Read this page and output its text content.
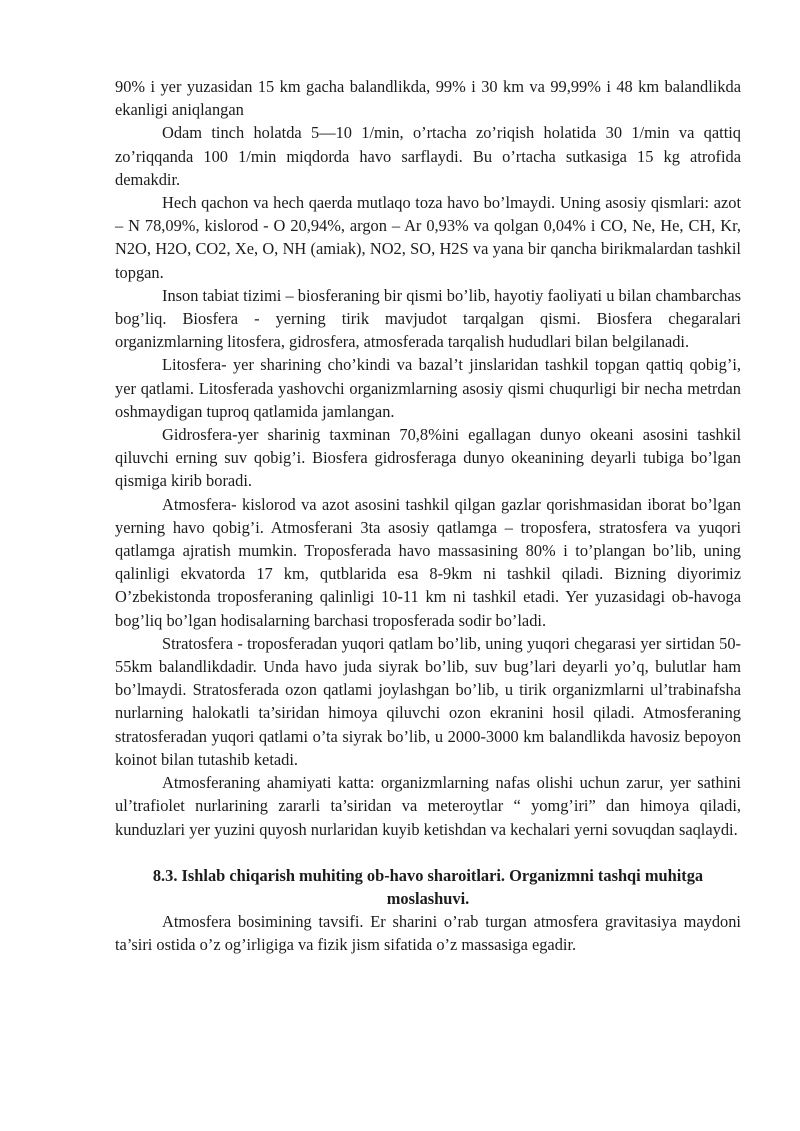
90% i yer yuzasidan 15 km gacha balandlikda, 99% i 30 km va 99,99% i 48 km balandlikda ekanligi aniqlangan

Odam tinch holatda 5—10 1/min, o’rtacha zo’riqish holatida 30 1/min va qattiq zo’riqqanda 100 1/min miqdorda havo sarflaydi. Bu o’rtacha sutkasiga 15 kg atrofida demakdir.

Hech qachon va hech qaerda mutlaqo toza havo bo’lmaydi. Uning asosiy qismlari: azot – N 78,09%, kislorod - O 20,94%, argon – Ar 0,93% va qolgan 0,04% i CO, Ne, He, CH, Kr, N2O, H2O, CO2, Xe, O, NH (amiak), NO2, SO, H2S va yana bir qancha birikmalardan tashkil topgan.

Inson tabiat tizimi – biosferaning bir qismi bo’lib, hayotiy faoliyati u bilan chambarchas bog’liq. Biosfera - yerning tirik mavjudot tarqalgan qismi. Biosfera chegaralari organizmlarning litosfera, gidrosfera, atmosferada tarqalish hududlari bilan belgilanadi.

Litosfera- yer sharining cho’kindi va bazal’t jinslaridan tashkil topgan qattiq qobig’i, yer qatlami. Litosferada yashovchi organizmlarning asosiy qismi chuqurligi bir necha metrdan oshmaydigan tuproq qatlamida jamlangan.

Gidrosfera-yer sharinig taxminan 70,8%ini egallagan dunyo okeani asosini tashkil qiluvchi erning suv qobig’i. Biosfera gidrosferaga dunyo okeanining deyarli tubiga bo’lgan qismiga kirib boradi.

Atmosfera- kislorod va azot asosini tashkil qilgan gazlar qorishmasidan iborat bo’lgan yerning havo qobig’i. Atmosferani 3ta asosiy qatlamga – troposfera, stratosfera va yuqori qatlamga ajratish mumkin. Troposferada havo massasining 80% i to’plangan bo’lib, uning qalinligi ekvatorda 17 km, qutblarida esa 8-9km ni tashkil qiladi. Bizning diyorimiz O’zbekistonda troposferaning qalinligi 10-11 km ni tashkil etadi. Yer yuzasidagi ob-havoga bog’liq bo’lgan hodisalarning barchasi troposferada sodir bo’ladi.

Stratosfera - troposferadan yuqori qatlam bo’lib, uning yuqori chegarasi yer sirtidan 50-55km balandlikdadir. Unda havo juda siyrak bo’lib, suv bug’lari deyarli yo’q, bulutlar ham bo’lmaydi. Stratosferada ozon qatlami joylashgan bo’lib, u tirik organizmlarni ul’trabinafsha nurlarning halokatli ta’siridan himoya qiluvchi ozon ekranini hosil qiladi. Atmosferaning stratosferadan yuqori qatlami o’ta siyrak bo’lib, u 2000-3000 km balandlikda havosiz bepoyon koinot bilan tutashib ketadi.

Atmosferaning ahamiyati katta: organizmlarning nafas olishi uchun zarur, yer sathini ul’trafiolet nurlarining zararli ta’siridan va meteroytlar “ yomg’iri” dan himoya qiladi, kunduzlari yer yuzini quyosh nurlaridan kuyib ketishdan va kechalari yerni sovuqdan saqlaydi.

8.3. Ishlab chiqarish muhiting ob-havo sharoitlari. Organizmni tashqi muhitga moslashuvi.

Atmosfera bosimining tavsifi. Er sharini o’rab turgan atmosfera gravitasiya maydoni ta’siri ostida o’z og’irligiga va fizik jism sifatida o’z massasiga egadir.
